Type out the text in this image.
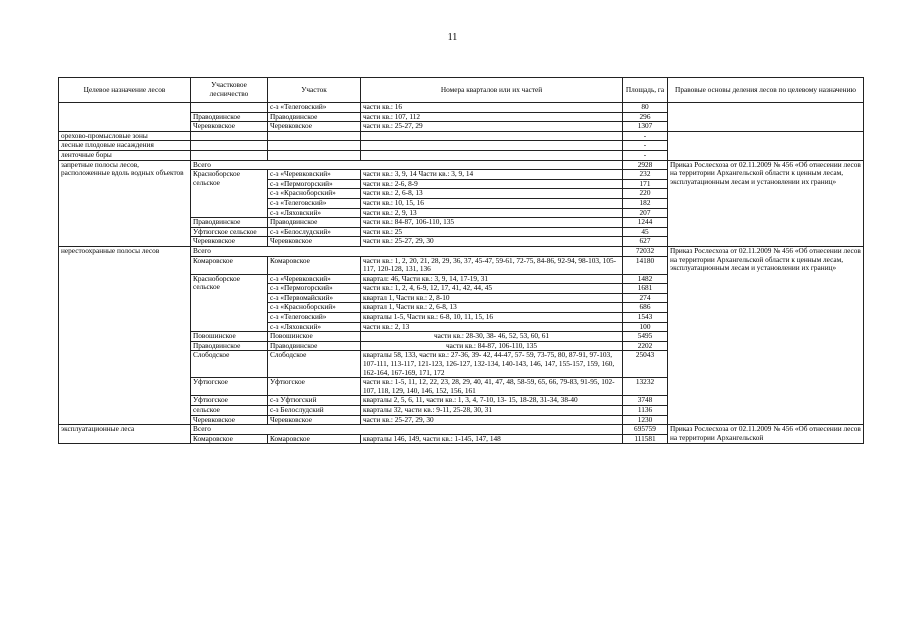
11
Целевое назначение лесов	Участковое лесничество	Участок	Номера кварталов или их частей	Площадь, га	Правовые основы деления лесов по целевому назначению
		с-з «Телеговский»	части кв.: 16	80	
	Праводвинское	Праводвинское	части кв.: 107, 112	296	
	Черевковское	Черевковское	части кв.: 25-27, 29	1307	
орехово-промысловые зоны				-	
лесные плодовые насаждения				-	
ленточные боры				-	
запретные полосы лесов, расположенные вдоль водных объектов	Всего			2928	Приказ Рослесхоза от 02.11.2009 № 456 «Об отнесении лесов на территории Архангельской области к ценным лесам, эксплуатационным лесам и установлении их границ»
	Красноборское сельское	с-з «Черевковский»	части кв.: 3, 9, 14 Части кв.: 3, 9, 14	232	
		с-з «Пермогорский»	части кв.: 2-6, 8-9	171	
		с-з «Красноборский»	части кв.: 2, 6-8, 13	220	
		с-з «Телеговский»	части кв.: 10, 15, 16	182	
		с-з «Ляховский»	части кв.: 2, 9, 13	207	
	Праводвинское	Праводвинское	части кв.: 84-87, 106-110, 135	1244	
	Уфтюгское сельское	с-з «Белослудский»	части кв.: 25	45	
	Черевковское	Черевковское	части кв.: 25-27, 29, 30	627	
нерестоохранные полосы лесов	Всего			72032	Приказ Рослесхоза от 02.11.2009 № 456 «Об отнесении лесов на территории Архангельской области к ценным лесам, эксплуатационным лесам и установлении их границ»
	Комаровское	Комаровское	части кв.: 1, 2, 20, 21, 28, 29, 36, 37, 45-47, 59-61, 72-75, 84-86, 92-94, 98-103, 105-117, 120-128, 131, 136	14180	
	Красноборское сельское	с-з «Черевковский»	квартал: 46, Части кв.: 3, 9, 14, 17-19, 31	1482	
		с-з «Пермогорский»	части кв.: 1, 2, 4, 6-9, 12, 17, 41, 42, 44, 45	1681	
		с-з «Первомайский»	квартал 1, Части кв.: 2, 8-10	274	
		с-з «Красноборский»	квартал 1, Части кв.: 2, 6-8, 13	686	
		с-з «Телеговский»	кварталы 1-5, Части кв.: 6-8, 10, 11, 15, 16	1543	
		с-з «Ляховский»	части кв.: 2, 13	100	
	Повошинское	Повошинское	части кв.: 28-30, 38- 46, 52, 53, 60, 61	5495	
	Праводвинское	Праводвинское	части кв.: 84-87, 106-110, 135	2202	
	Слободское	Слободское	кварталы 58, 133, части кв.: 27-36, 39- 42, 44-47, 57- 59, 73-75, 80, 87-91, 97-103, 107-111, 113-117, 121-123, 126-127, 132-134, 140-143, 146, 147, 155-157, 159, 160, 162-164, 167-169, 171, 172	25043	
	Уфтюгское	Уфтюгское	части кв.: 1-5, 11, 12, 22, 23, 28, 29, 40, 41, 47, 48, 58-59, 65, 66, 79-83, 91-95, 102-107, 118, 129, 140, 146, 152, 156, 161	13232	
	Уфтюгское	с-з Уфтюгский	кварталы 2, 5, 6, 11, части кв.: 1, 3, 4, 7-10, 13- 15, 18-28, 31-34, 38-40	3748	
	сельское	с-з Белослудский	кварталы 32, части кв.: 9-11, 25-28, 30, 31	1136	
	Черевковское	Черевковское	части кв.: 25-27, 29, 30	1230	
эксплуатационные леса	Всего			695759	Приказ Рослесхоза от 02.11.2009 № 456 «Об отнесении лесов на территории Архангельской
	Комаровское	Комаровское	кварталы 146, 149, части кв.: 1-145, 147, 148	111581	
